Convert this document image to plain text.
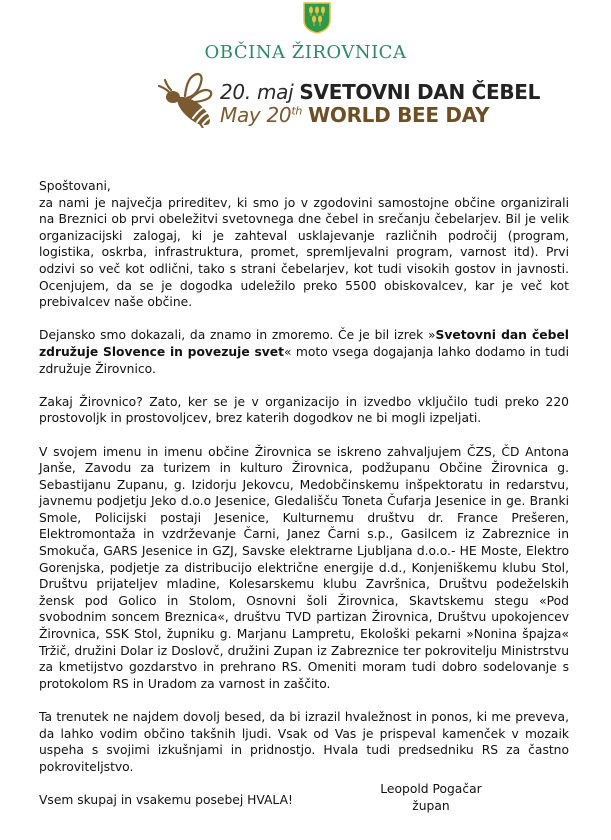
OBČINA ŽIROVNICA
20. maj SVETOVNI DAN ČEBEL
May 20th WORLD BEE DAY

Spoštovani,

za nami je največja prireditev, ki smo jo v zgodovini samostojne občine organizirali na Breznici ob prvi obeležitvi svetovnega dne čebel in srečanju čebelarjev. Bil je velik organizacijski zalogaj, ki je zahteval usklajevanje različnih področij (program, logistika, oskrba, infrastruktura, promet, spremljevalni program, varnost itd). Prvi odzivi so več kot odlični, tako s strani čebelarjev, kot tudi visokih gostov in javnosti. Ocenjujem, da se je dogodka udeležilo preko 5500 obiskovalcev, kar je več kot prebivalcev naše občine.

Dejansko smo dokazali, da znamo in zmoremo. Če je bil izrek »Svetovni dan čebel združuje Slovence in povezuje svet« moto vsega dogajanja lahko dodamo in tudi združuje Žirovnico.

Zakaj Žirovnico? Zato, ker se je v organizacijo in izvedbo vključilo tudi preko 220 prostovoljk in prostovoljcev, brez katerih dogodkov ne bi mogli izpeljati.

V svojem imenu in imenu občine Žirovnica se iskreno zahvaljujem ČZS, ČD Antona Janše, Zavodu za turizem in kulturo Žirovnica, podžupanu Občine Žirovnica g. Sebastijanu Zupanu, g. Izidorju Jekovcu, Medobčinskemu inšpektoratu in redarstvu, javnemu podjetju Jeko d.o.o Jesenice, Gledališču Toneta Čufarja Jesenice in ge. Branki Smole, Policijski postaji Jesenice, Kulturnemu društvu dr. France Prešeren, Elektromontaža in vzdrževanje Čarni, Janez Čarni s.p., Gasilcem iz Zabreznice in Smokuča, GARS Jesenice in GZJ, Savske elektrarne Ljubljana d.o.o.- HE Moste, Elektro Gorenjska, podjetje za distribucijo električne energije d.d., Konjeniškemu klubu Stol, Društvu prijateljev mladine, Kolesarskemu klubu Završnica, Društvu podeželskih žensk pod Golico in Stolom, Osnovni šoli Žirovnica, Skavtskemu stegu «Pod svobodnim soncem Breznica«, društvu TVD partizan Žirovnica, Društvu upokojencev Žirovnica, SSK Stol, župniku g. Marjanu Lampretu, Ekološki pekarni »Nonina špajza« Tržič, družini Dolar iz Doslovč, družini Zupan iz Zabreznice ter pokrovitelju Ministrstvu za kmetijstvo gozdarstvo in prehrano RS. Omeniti moram tudi dobro sodelovanje s protokolom RS in Uradom za varnost in zaščito.

Ta trenutek ne najdem dovolj besed, da bi izrazil hvaležnost in ponos, ki me preveva, da lahko vodim občino takšnih ljudi. Vsak od Vas je prispeval kamenček v mozaik uspeha s svojimi izkušnjami in pridnostjo. Hvala tudi predsedniku RS za častno pokroviteljstvo.

Vsem skupaj in vsakemu posebej HVALA!

Leopold Pogačar
župan
